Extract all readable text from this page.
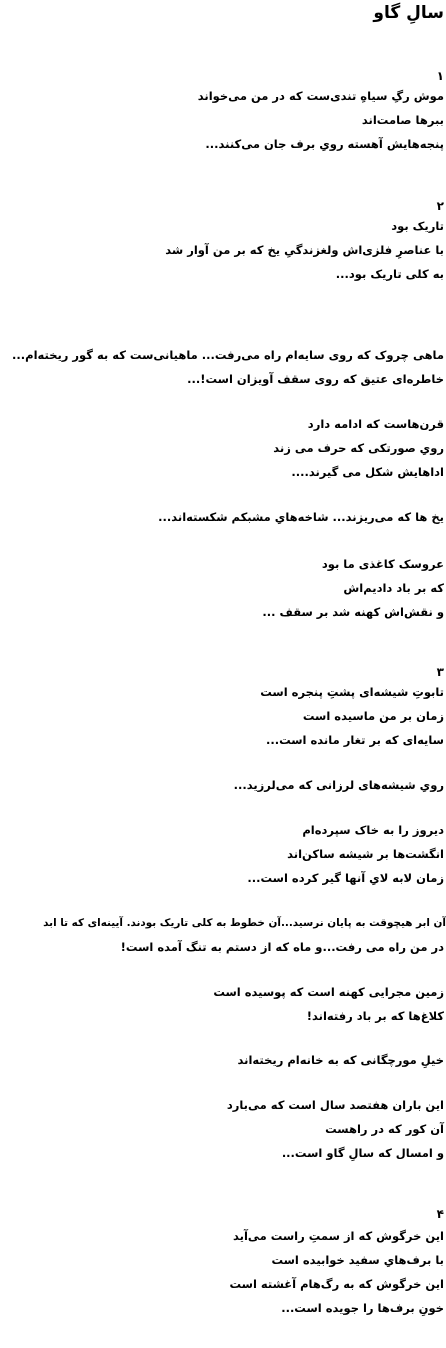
سالِ گاو
۱
موش رگِ سیاهِ تندی‌ست که در من می‌خواند
ببرها صامت‌اند
پنجه‌هایش آهسته رویِ برف جان می‌کنند...
۲
تاریک بود
با عناصرِ فلزی‌اش ولغزندگیِ یخ که بر من آوار شد
به کلی تاریک بود...
ماهی چروک که روی سایه‌ام راه می‌رفت... ماهیانی‌ست که به گور ریخته‌ام...
خاطره‌ای عتیق که روی سقف آویزان است!...
قرن‌هاست که ادامه دارد
رویِ صورتکی که حرف می زند
اداهایش شکل می گیرند....
یخ ها که می‌ریزند... شاخه‌هایِ مشبکم شکسته‌اند...
عروسک کاغذی ما بود
که بر باد دادیم‌اش
و نقش‌اش کهنه شد بر سقف ...
۳
تابوتِ شیشه‌ای پشتِ پنجره است
زمان بر من ماسیده است
سایه‌ای که بر تغار مانده است...
رویِ شیشه‌های لرزانی که می‌لرزید...
دیروز را به خاک سپرده‌ام
انگشت‌ها بر شیشه ساکن‌اند
زمان لابه لایِ آنها گیر کرده است...
آن ابر هیچوقت به پایان نرسید...آن خطوط به کلی تاریک بودند. آیینه‌ای که تا ابد
در من راه می رفت...و ماه که از دستم به تنگ آمده است!
زمین مجرایی کهنه است که پوسیده است
کلاغ‌ها که بر باد رفته‌اند!
خیلِ مورچگانی که به خانه‌ام ریخته‌اند
این باران هفتصد سال است که می‌بارد
آن کور که در راهست
و امسال که سالِ گاو است...
۴
این خرگوش که از سمتِ راست می‌آید
با برف‌هایِ سفید خوابیده است
این خرگوش که به رگ‌هام آغشته است
خونِ برف‌ها را جویده است...
